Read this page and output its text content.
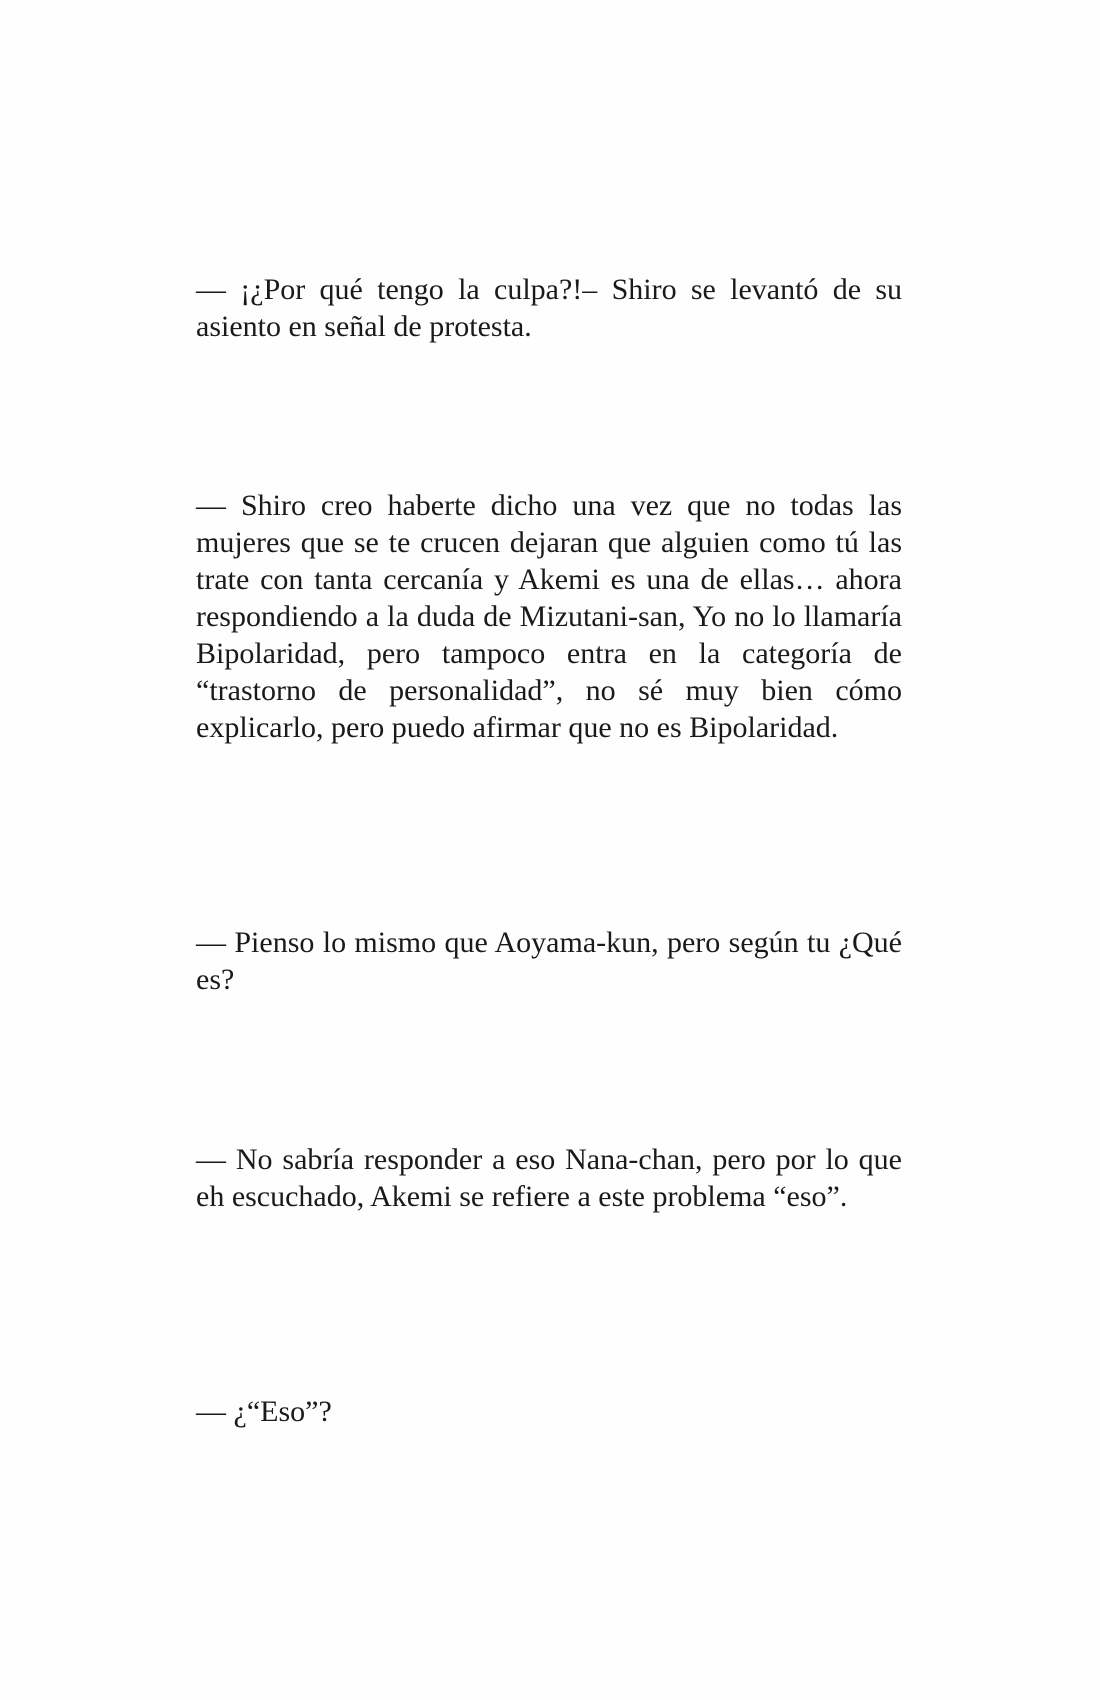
— ¡¿Por qué tengo la culpa?!– Shiro se levantó de su asiento en señal de protesta.

— Shiro creo haberte dicho una vez que no todas las mujeres que se te crucen dejaran que alguien como tú las trate con tanta cercanía y Akemi es una de ellas… ahora respondiendo a la duda de Mizutani-san, Yo no lo llamaría Bipolaridad, pero tampoco entra en la categoría de “trastorno de personalidad”, no sé muy bien cómo explicarlo, pero puedo afirmar que no es Bipolaridad.

— Pienso lo mismo que Aoyama-kun, pero según tu ¿Qué es?

— No sabría responder a eso Nana-chan, pero por lo que eh escuchado, Akemi se refiere a este problema “eso”.

— ¿“Eso”?
